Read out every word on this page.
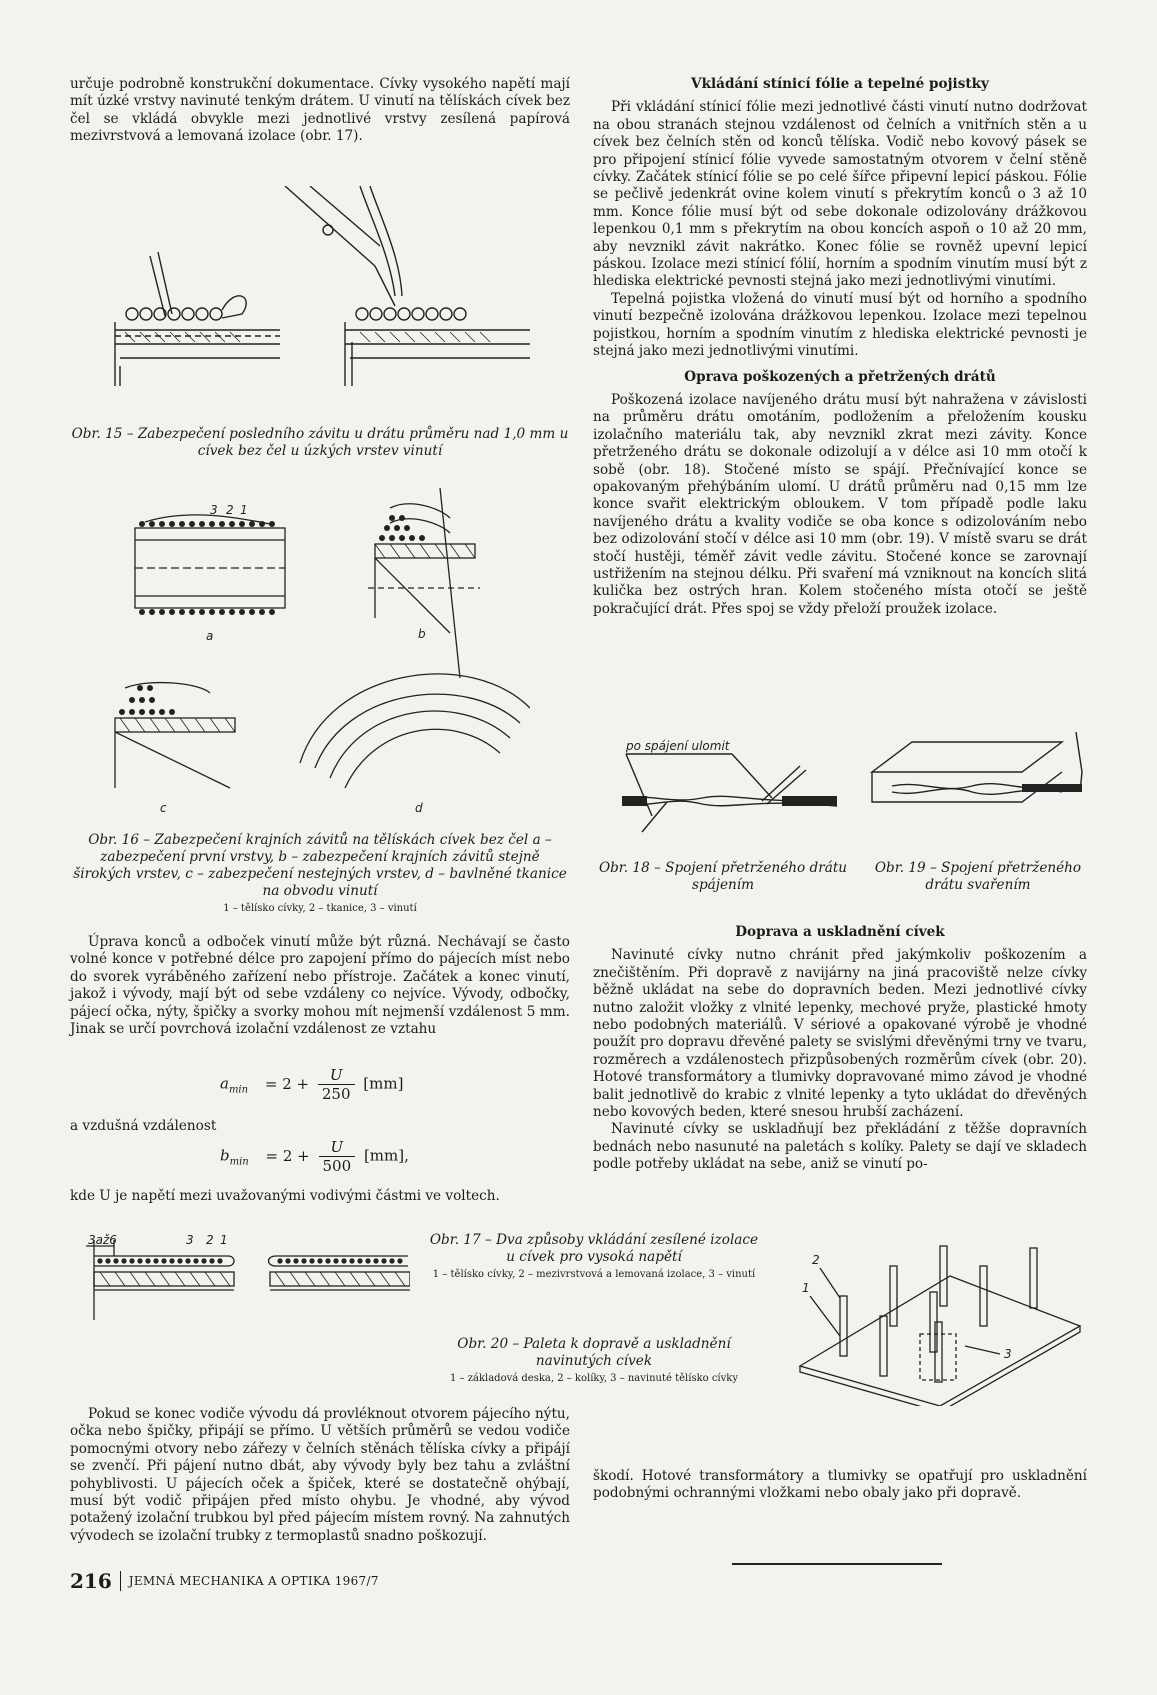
určuje podrobně konstrukční dokumentace. Cívky vysokého napětí mají mít úzké vrstvy navinuté tenkým drátem. U vinutí na tělískách cívek bez čel se vkládá obvykle mezi jednotlivé vrstvy zesílená papírová mezivrstvová a lemovaná izolace (obr. 17).

Obr. 15 – Zabezpečení posledního závitu u drátu průměru nad 1,0 mm u cívek bez čel u úzkých vrstev vinutí
3 2 1
a	b
c	d
Obr. 16 – Zabezpečení krajních závitů na tělískách cívek bez čel a – zabezpečení první vrstvy, b – zabezpečení krajních závitů stejně širokých vrstev, c – zabezpečení nestejných vrstev, d – bavlněné tkanice na obvodu vinutí
1 – tělísko cívky, 2 – tkanice, 3 – vinutí

Úprava konců a odboček vinutí může být různá. Nechávají se často volné konce v potřebné délce pro zapojení přímo do pájecích míst nebo do svorek vyráběného zařízení nebo přístroje. Začátek a konec vinutí, jakož i vývody, mají být od sebe vzdáleny co nejvíce. Vývody, odbočky, pájecí očka, nýty, špičky a svorky mohou mít nejmenší vzdálenost 5 mm. Jinak se určí povrchová izolační vzdálenost ze vztahu

$a_{min} = 2 + \frac{U}{250} [mm]$

a vzdušná vzdálenost

$b_{min} = 2 + \frac{U}{500} [mm]$,

kde U je napětí mezi uvažovanými vodivými částmi ve voltech.

3až6	3 2 1	Obr. 17 – Dva způsoby vkládání zesílené izolace u cívek pro vysoká napětí
1 – tělísko cívky, 2 – mezivrstvová a lemovaná izolace, 3 – vinutí
Obr. 20 – Paleta k dopravě a uskladnění navinutých cívek
1 – základová deska, 2 – kolíky, 3 – navinuté tělísko cívky
2
1
3

Pokud se konec vodiče vývodu dá provléknout otvorem pájecího nýtu, očka nebo špičky, připájí se přímo. U větších průměrů se vedou vodiče pomocnými otvory nebo zářezy v čelních stěnách tělíska cívky a připájí se zvenčí. Při pájení nutno dbát, aby vývody byly bez tahu a zvláštní pohyblivosti. U pájecích oček a špiček, které se dostatečně ohýbají, musí být vodič připájen před místo ohybu. Je vhodné, aby vývod potažený izolační trubkou byl před pájecím místem rovný. Na zahnutých vývodech se izolační trubky z termoplastů snadno poškozují.

Vkládání stínicí fólie a tepelné pojistky

Při vkládání stínicí fólie mezi jednotlivé části vinutí nutno dodržovat na obou stranách stejnou vzdálenost od čelních a vnitřních stěn a u cívek bez čelních stěn od konců tělíska. Vodič nebo kovový pásek se pro připojení stínicí fólie vyvede samostatným otvorem v čelní stěně cívky. Začátek stínicí fólie se po celé šířce připevní lepicí páskou. Fólie se pečlivě jedenkrát ovine kolem vinutí s překrytím konců o 3 až 10 mm. Konce fólie musí být od sebe dokonale odizolovány drážkovou lepenkou 0,1 mm s překrytím na obou koncích aspoň o 10 až 20 mm, aby nevznikl závit nakrátko. Konec fólie se rovněž upevní lepicí páskou. Izolace mezi stínicí fólií, horním a spodním vinutím musí být z hlediska elektrické pevnosti stejná jako mezi jednotlivými vinutími.

Tepelná pojistka vložená do vinutí musí být od horního a spodního vinutí bezpečně izolována drážkovou lepenkou. Izolace mezi tepelnou pojistkou, horním a spodním vinutím z hlediska elektrické pevnosti je stejná jako mezi jednotlivými vinutími.

Oprava poškozených a přetržených drátů

Poškozená izolace navíjeného drátu musí být nahražena v závislosti na průměru drátu omotáním, podložením a přeložením kousku izolačního materiálu tak, aby nevznikl zkrat mezi závity. Konce přetrženého drátu se dokonale odizolují a v délce asi 10 mm otočí k sobě (obr. 18). Stočené místo se spájí. Přečnívající konce se opakovaným přehýbáním ulomí. U drátů průměru nad 0,15 mm lze konce svařit elektrickým obloukem. V tom případě podle laku navíjeného drátu a kvality vodiče se oba konce s odizolováním nebo bez odizolování stočí v délce asi 10 mm (obr. 19). V místě svaru se drát stočí hustěji, téměř závit vedle závitu. Stočené konce se zarovnají ustřižením na stejnou délku. Při svaření má vzniknout na koncích slitá kulička bez ostrých hran. Kolem stočeného místa otočí se ještě pokračující drát. Přes spoj se vždy přeloží proužek izolace.

po spájení ulomit
Obr. 18 – Spojení přetrženého drátu spájením
Obr. 19 – Spojení přetrženého drátu svařením

Doprava a uskladnění cívek

Navinuté cívky nutno chránit před jakýmkoliv poškozením a znečištěním. Při dopravě z navijárny na jiná pracoviště nelze cívky běžně ukládat na sebe do dopravních beden. Mezi jednotlivé cívky nutno založit vložky z vlnité lepenky, mechové pryže, plastické hmoty nebo podobných materiálů. V sériové a opakované výrobě je vhodné použít pro dopravu dřevěné palety se svislými dřevěnými trny ve tvaru, rozměrech a vzdálenostech přizpůsobených rozměrům cívek (obr. 20). Hotové transformátory a tlumivky dopravované mimo závod je vhodné balit jednotlivě do krabic z vlnité lepenky a tyto ukládat do dřevěných nebo kovových beden, které snesou hrubší zacházení.

Navinuté cívky se uskladňují bez překládání z těžše dopravních bednách nebo nasunuté na paletách s kolíky. Palety se dají ve skladech podle potřeby ukládat na sebe, aniž se vinutí po-

škodí. Hotové transformátory a tlumivky se opatřují pro uskladnění podobnými ochrannými vložkami nebo obaly jako při dopravě.

216 JEMNÁ MECHANIKA A OPTIKA 1967/7
